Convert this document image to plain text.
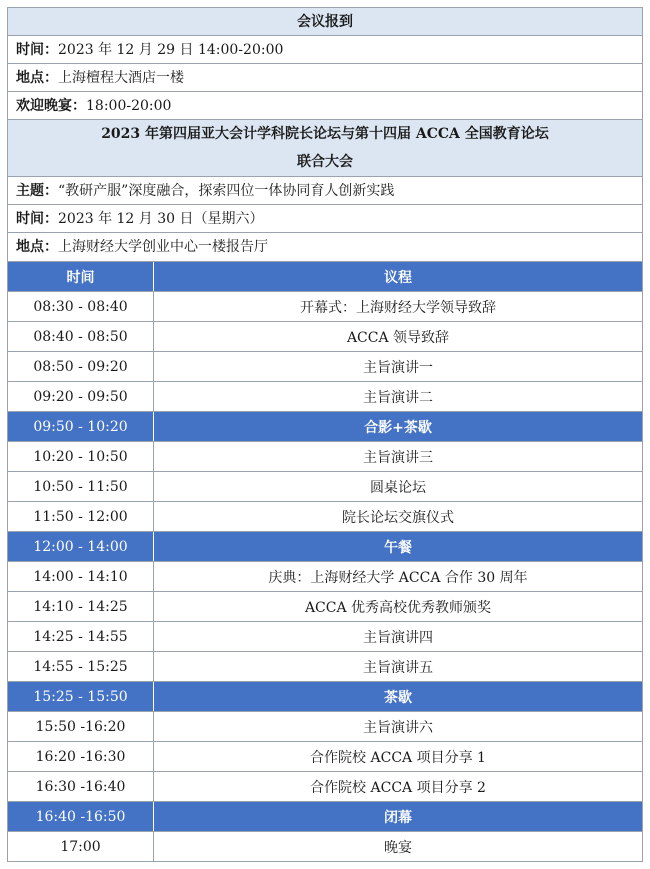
会议报到
时间：2023 年 12 月 29 日 14:00-20:00
地点：上海檀程大酒店一楼
欢迎晚宴：18:00-20:00
2023 年第四届亚大会计学科院长论坛与第十四届 ACCA 全国教育论坛
联合大会
主题：“教研产服”深度融合，探索四位一体协同育人创新实践
时间：2023 年 12 月 30 日（星期六）
地点：上海财经大学创业中心一楼报告厅
时间	议程
08:30 - 08:40	开幕式：上海财经大学领导致辞
08:40 - 08:50	ACCA 领导致辞
08:50 - 09:20	主旨演讲一
09:20 - 09:50	主旨演讲二
09:50 - 10:20	合影+茶歇
10:20 - 10:50	主旨演讲三
10:50 - 11:50	圆桌论坛
11:50 - 12:00	院长论坛交旗仪式
12:00 - 14:00	午餐
14:00 - 14:10	庆典：上海财经大学 ACCA 合作 30 周年
14:10 - 14:25	ACCA 优秀高校优秀教师颁奖
14:25 - 14:55	主旨演讲四
14:55 - 15:25	主旨演讲五
15:25 - 15:50	茶歇
15:50 -16:20	主旨演讲六
16:20 -16:30	合作院校 ACCA 项目分享 1
16:30 -16:40	合作院校 ACCA 项目分享 2
16:40 -16:50	闭幕
17:00	晚宴
